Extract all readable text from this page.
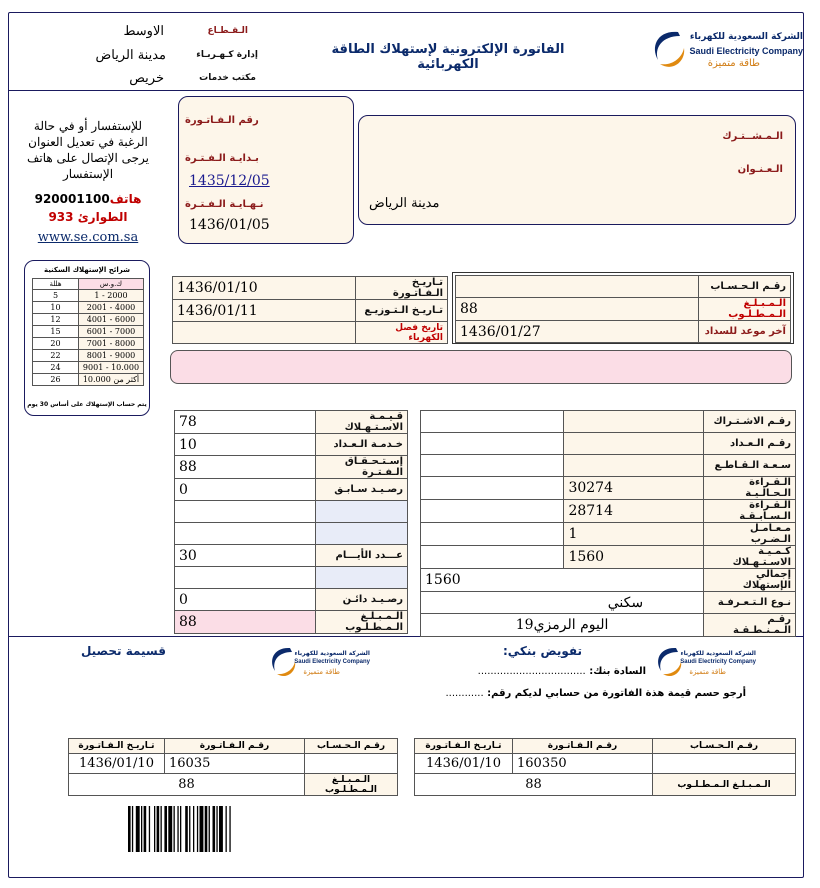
الشركة السعودية للكهرباء
Saudi Electricity Company
طاقة متميزة
الفاتورة الإلكترونية لإستهلاك الطاقة الكهربائية
الـقـطـاع
الاوسط
إدارة كـهـربـاء
مدينة الرياض
مكتب خدمات
خريص
للإستفسار أو في حالة الرغبة في تعديل العنوان يرجى الإتصال على هاتف الإستفسار
هاتف920001100
الطوارئ 933
www.se.com.sa
شرائح الإستهلاك السكنية
هللة	ك.و.س
5	1 - 2000
10	2001 - 4000
12	4001 - 6000
15	6001 - 7000
20	7001 - 8000
22	8001 - 9000
24	9001 - 10.000
26	أكثر من 10.000
يتم حساب الإستهلاك على أساس 30 يوم
رقم الـفـاتـورة
بـدايـة الـفـتـرة
1435/12/05
نـهـايـة الـفـتـرة
1436/01/05
الـمـشــتـرك
الـعـنـوان
مدينة الرياض
1436/01/10	تـاريـخ الـفـاتـورة
1436/01/11	تـاريـخ الـتـوزيـع
	تاريخ فصل الكهرباء
	رقـم الـحـسـاب
88	الـمـبـلـغ الـمـطـلـوب
1436/01/27	آخر موعد للسداد
78	قـيـمـة الاسـتـهـلاك
10	خـدمـة الـعـداد
88	إسـتـحـقـاق الـفـتـرة
0	رصـيـد سـابـق

30	عـــدد الأيـــام

0	رصـيـد دائـن
88	الـمـبـلـغ الـمـطـلـوب
		رقـم الاشـتـراك
		رقـم الـعـداد
		سـعـة الـقـاطـع
	30274	الـقـراءة الـحـالـيـة
	28714	الـقـراءة الـسـابـقـة
	1	مـعـامـل الـضـرب
	1560	كـمـيـة الاسـتـهـلاك
1560		إجمالي الإستهلاك
سكني		نـوع الـتـعـرفـة
اليوم الرمزي19		رقـم الـمـنـطـقـة
الشركة السعودية للكهرباء
Saudi Electricity Company
طاقة متميزة
تفويض بنكي:
السادة بنك: ..................................
أرجو حسم قيمة هذة الفاتورة من حسابي لديكم رقم: ............
قسيمة تحصيل	الشركة السعودية للكهرباء
Saudi Electricity Company
طاقة متميزة
تـاريـخ الـفـاتـورة	رقـم الـفـاتـورة	رقـم الـحـسـاب
1436/01/10	16035	
88		الـمـبـلـغ الـمـطـلـوب
تـاريـخ الـفـاتـورة	رقـم الـفـاتـورة	رقـم الـحـسـاب
1436/01/10	160350	
88		الـمـبـلـغ الـمـطـلـوب
